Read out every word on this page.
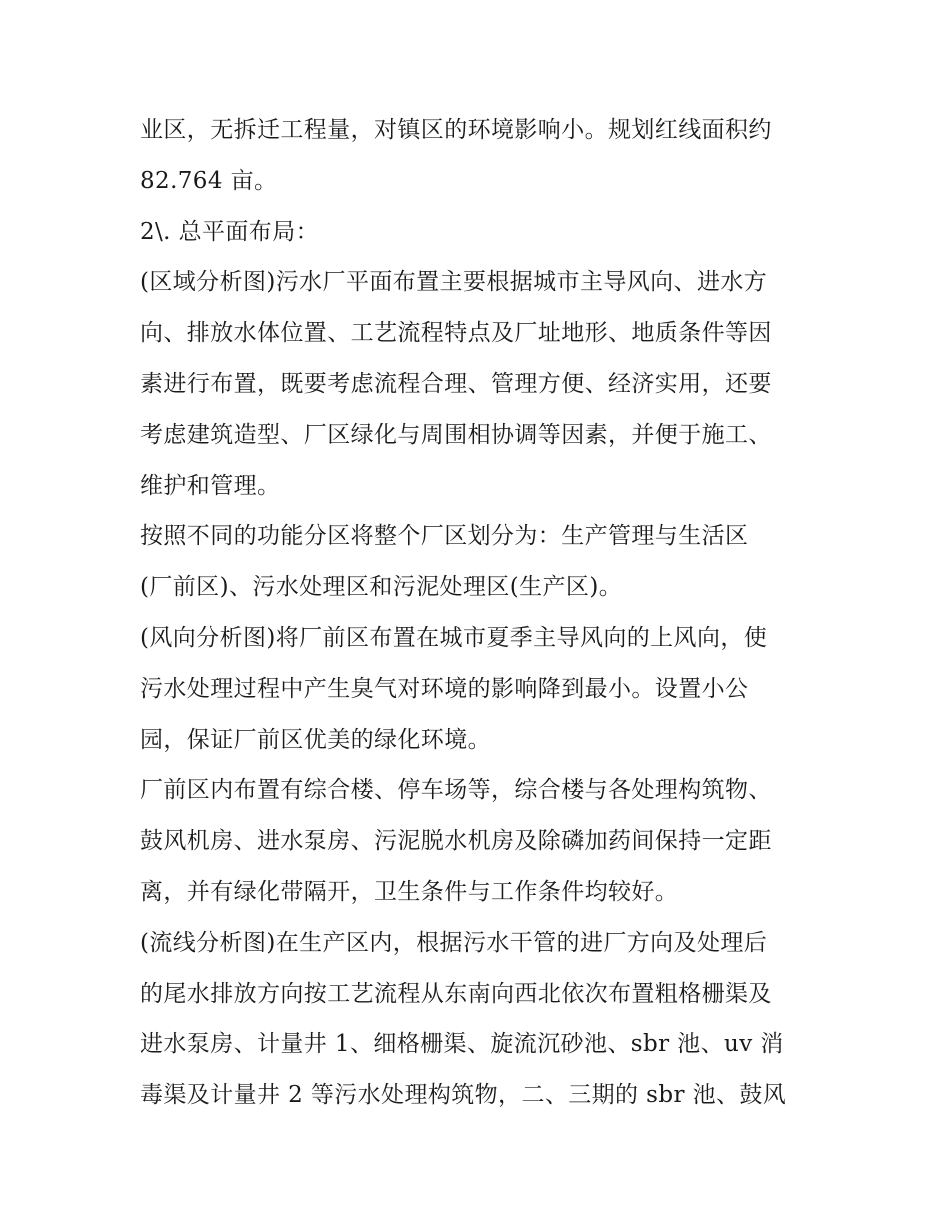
业区，无拆迁工程量，对镇区的环境影响小。规划红线面积约
82.764 亩。
2\. 总平面布局：
(区域分析图)污水厂平面布置主要根据城市主导风向、进水方
向、排放水体位置、工艺流程特点及厂址地形、地质条件等因
素进行布置，既要考虑流程合理、管理方便、经济实用，还要
考虑建筑造型、厂区绿化与周围相协调等因素，并便于施工、
维护和管理。
按照不同的功能分区将整个厂区划分为：生产管理与生活区
(厂前区)、污水处理区和污泥处理区(生产区)。
(风向分析图)将厂前区布置在城市夏季主导风向的上风向，使
污水处理过程中产生臭气对环境的影响降到最小。设置小公
园，保证厂前区优美的绿化环境。
厂前区内布置有综合楼、停车场等，综合楼与各处理构筑物、
鼓风机房、进水泵房、污泥脱水机房及除磷加药间保持一定距
离，并有绿化带隔开，卫生条件与工作条件均较好。
(流线分析图)在生产区内，根据污水干管的进厂方向及处理后
的尾水排放方向按工艺流程从东南向西北依次布置粗格栅渠及
进水泵房、计量井 1、细格栅渠、旋流沉砂池、sbr 池、uv 消
毒渠及计量井 2 等污水处理构筑物，二、三期的 sbr 池、鼓风
